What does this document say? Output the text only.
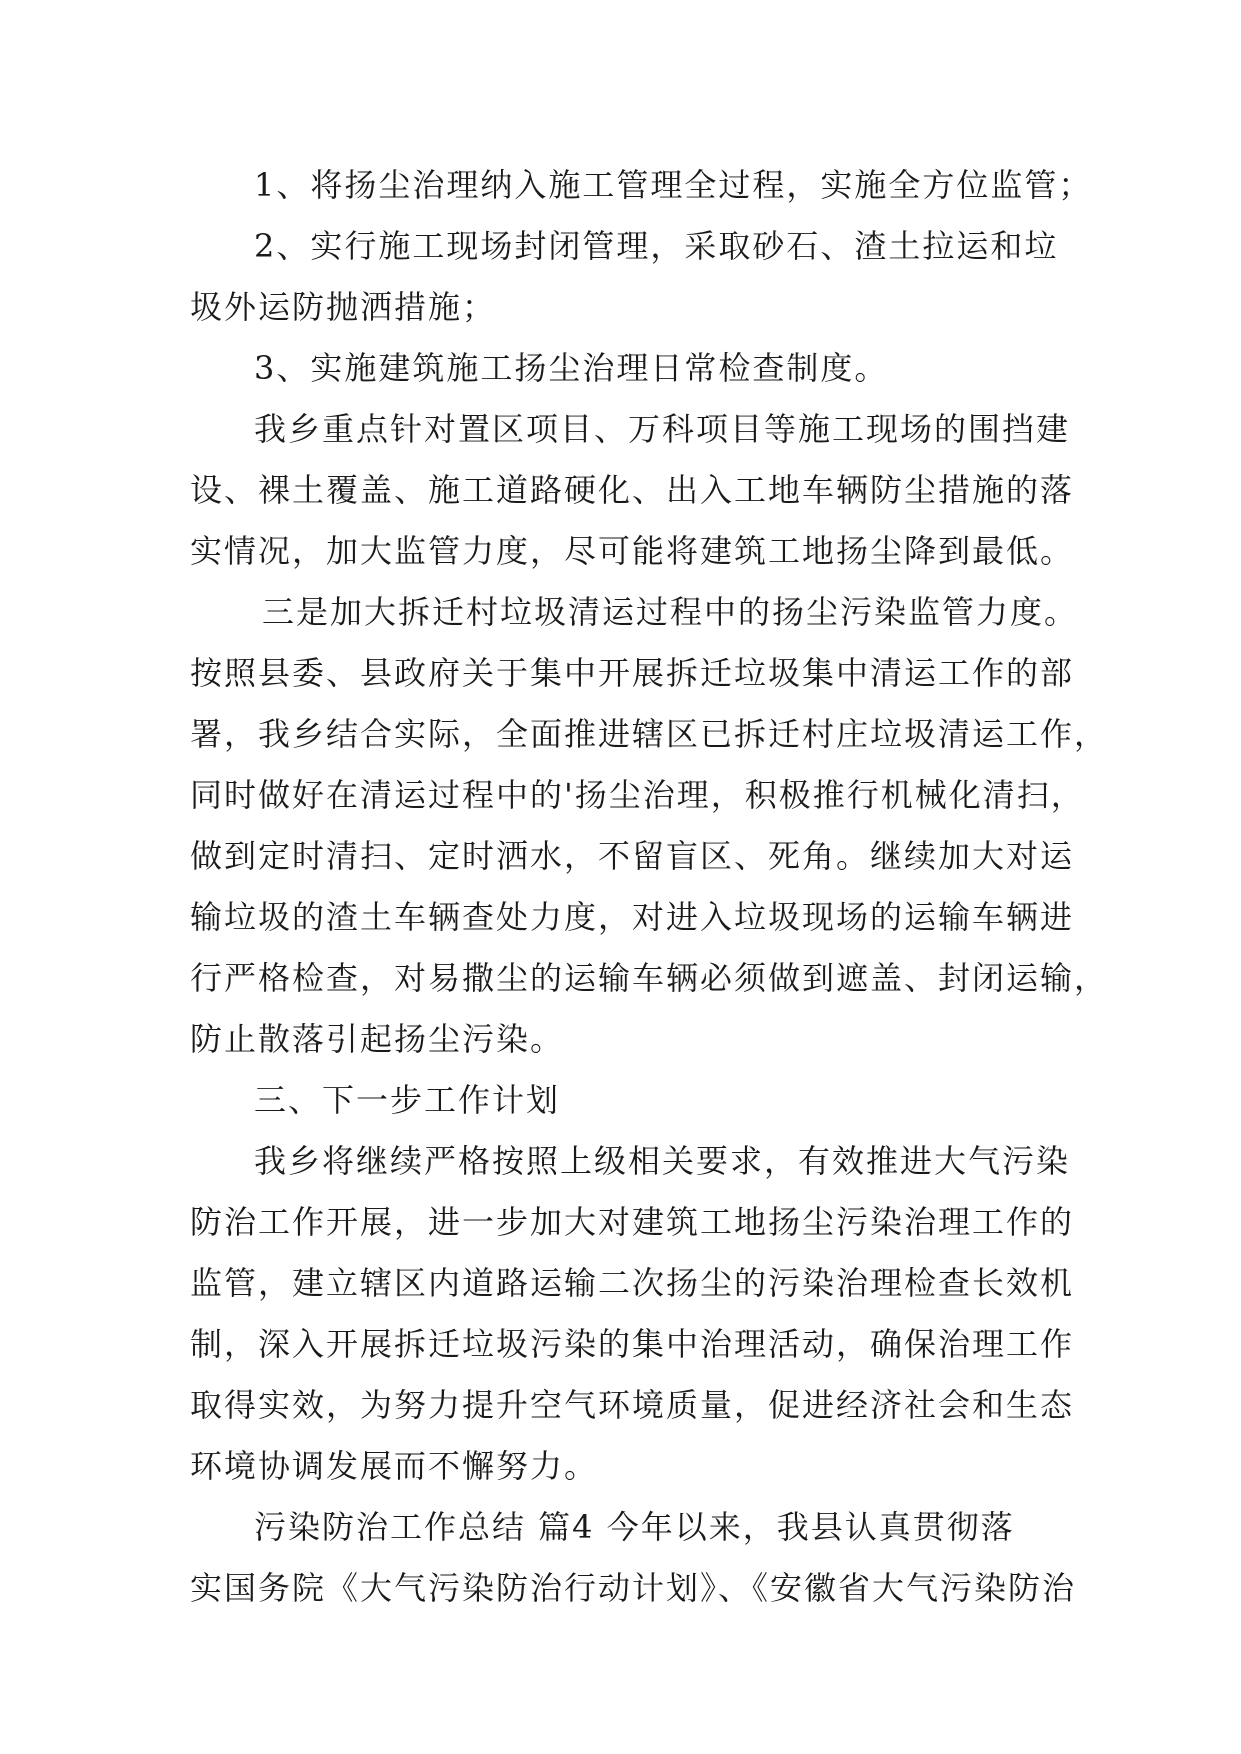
1、将扬尘治理纳入施工管理全过程，实施全方位监管；
2、实行施工现场封闭管理，采取砂石、渣土拉运和垃
圾外运防抛洒措施；
3、实施建筑施工扬尘治理日常检查制度。
我乡重点针对置区项目、万科项目等施工现场的围挡建
设、裸土覆盖、施工道路硬化、出入工地车辆防尘措施的落
实情况，加大监管力度，尽可能将建筑工地扬尘降到最低。
三是加大拆迁村垃圾清运过程中的扬尘污染监管力度。
按照县委、县政府关于集中开展拆迁垃圾集中清运工作的部
署，我乡结合实际，全面推进辖区已拆迁村庄垃圾清运工作，
同时做好在清运过程中的'扬尘治理，积极推行机械化清扫，
做到定时清扫、定时洒水，不留盲区、死角。继续加大对运
输垃圾的渣土车辆查处力度，对进入垃圾现场的运输车辆进
行严格检查，对易撒尘的运输车辆必须做到遮盖、封闭运输，
防止散落引起扬尘污染。
三、下一步工作计划
我乡将继续严格按照上级相关要求，有效推进大气污染
防治工作开展，进一步加大对建筑工地扬尘污染治理工作的
监管，建立辖区内道路运输二次扬尘的污染治理检查长效机
制，深入开展拆迁垃圾污染的集中治理活动，确保治理工作
取得实效，为努力提升空气环境质量，促进经济社会和生态
环境协调发展而不懈努力。
污染防治工作总结 篇4 今年以来，我县认真贯彻落
实国务院《大气污染防治行动计划》、《安徽省大气污染防治
